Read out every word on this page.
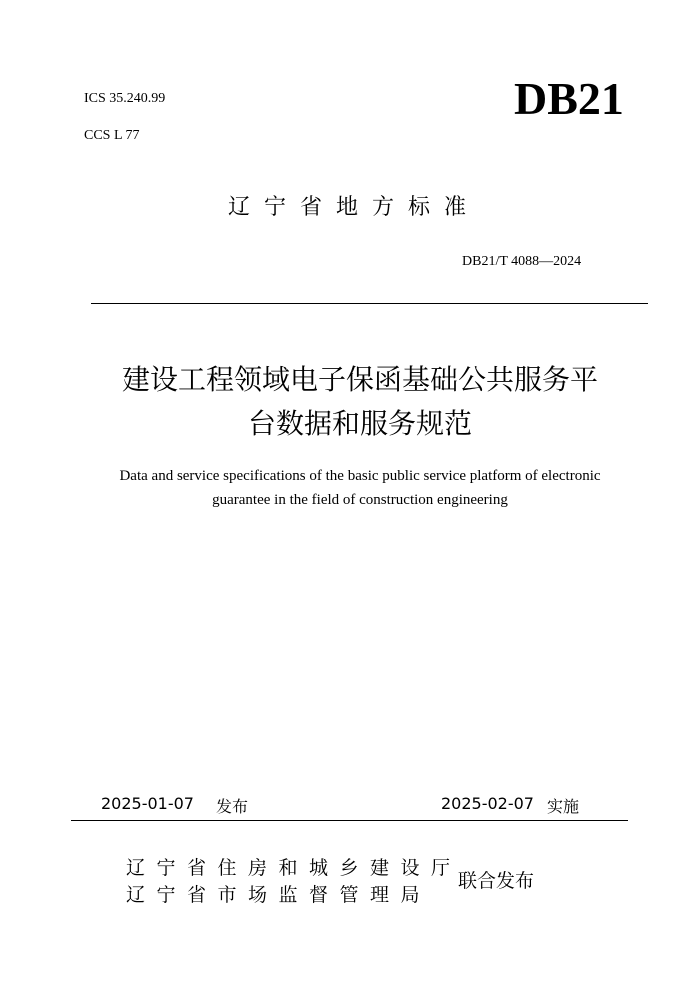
ICS 35.240.99
CCS L 77
DB21
辽宁省地方标准
DB21/T 4088—2024
建设工程领域电子保函基础公共服务平
台数据和服务规范
Data and service specifications of the basic public service platform of electronic
guarantee in the field of construction engineering
2025-01-07 发布	2025-02-07 实施
辽宁省住房和城乡建设厅
辽宁省市场监督管理局
联合发布
